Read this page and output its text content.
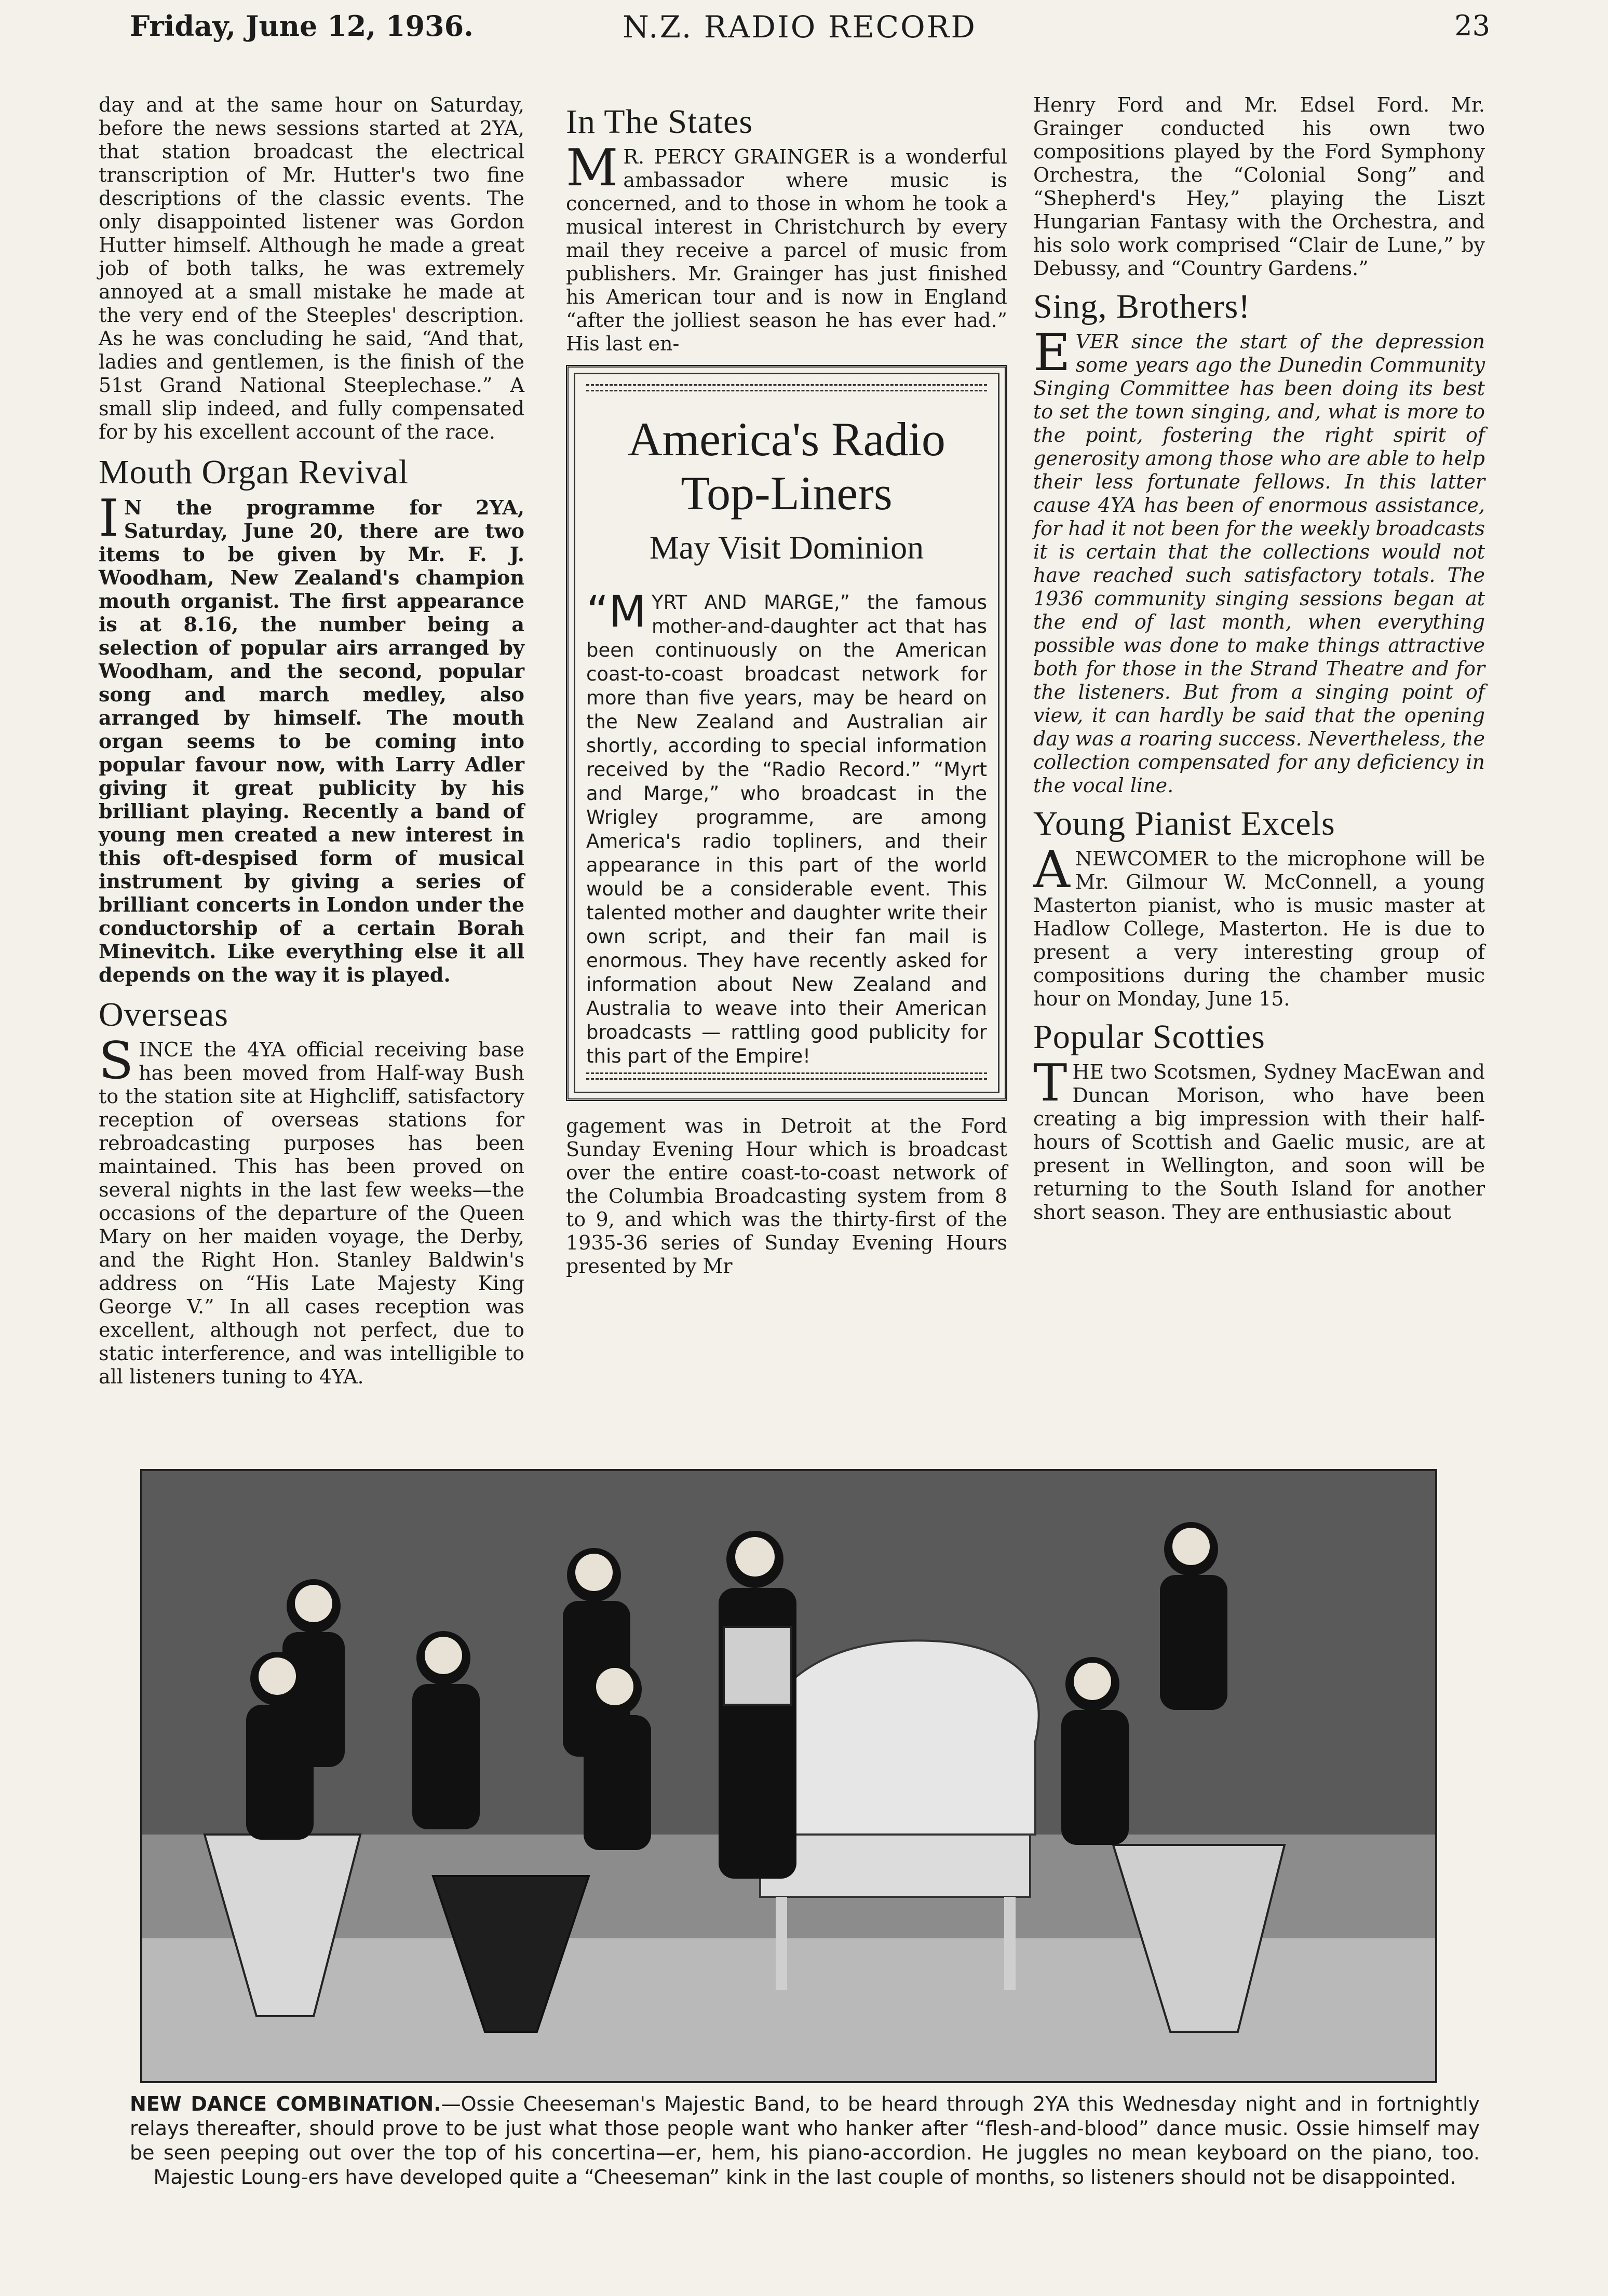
Friday, June 12, 1936.	N.Z. RADIO RECORD	23

day and at the same hour on Saturday, before the news sessions started at 2YA, that station broadcast the electrical transcription of Mr. Hutter's two fine descriptions of the classic events. The only disappointed listener was Gordon Hutter himself. Although he made a great job of both talks, he was extremely annoyed at a small mistake he made at the very end of the Steeples' description. As he was concluding he said, “And that, ladies and gentlemen, is the finish of the 51st Grand National Steeplechase.” A small slip indeed, and fully compensated for by his excellent account of the race.

Mouth Organ Revival
I N the programme for 2YA, Saturday, June 20, there are two items to be given by Mr. F. J. Woodham, New Zealand's champion mouth organist. The first appearance is at 8.16, the number being a selection of popular airs arranged by Woodham, and the second, popular song and march medley, also arranged by himself. The mouth organ seems to be coming into popular favour now, with Larry Adler giving it great publicity by his brilliant playing. Recently a band of young men created a new interest in this oft-despised form of musical instrument by giving a series of brilliant concerts in London under the conductorship of a certain Borah Minevitch. Like everything else it all depends on the way it is played.

Overseas
S INCE the 4YA official receiving base has been moved from Half-way Bush to the station site at Highcliff, satisfactory reception of overseas stations for rebroadcasting purposes has been maintained. This has been proved on several nights in the last few weeks—the occasions of the departure of the Queen Mary on her maiden voyage, the Derby, and the Right Hon. Stanley Baldwin's address on “His Late Majesty King George V.” In all cases reception was excellent, although not perfect, due to static interference, and was intelligible to all listeners tuning to 4YA.

In The States
M R. PERCY GRAINGER is a wonderful ambassador where music is concerned, and to those in whom he took a musical interest in Christchurch by every mail they receive a parcel of music from publishers. Mr. Grainger has just finished his American tour and is now in England “after the jolliest season he has ever had.” His last en-

America's Radio Top-Liners
May Visit Dominion
“M YRT AND MARGE,” the famous mother-and-daughter act that has been continuously on the American coast-to-coast broadcast network for more than five years, may be heard on the New Zealand and Australian air shortly, according to special information received by the “Radio Record.” “Myrt and Marge,” who broadcast in the Wrigley programme, are among America's radio topliners, and their appearance in this part of the world would be a considerable event. This talented mother and daughter write their own script, and their fan mail is enormous. They have recently asked for information about New Zealand and Australia to weave into their American broadcasts — rattling good publicity for this part of the Empire!

gagement was in Detroit at the Ford Sunday Evening Hour which is broadcast over the entire coast-to-coast network of the Columbia Broadcasting system from 8 to 9, and which was the thirty-first of the 1935-36 series of Sunday Evening Hours presented by Mr

Henry Ford and Mr. Edsel Ford. Mr. Grainger conducted his own two compositions played by the Ford Symphony Orchestra, the “Colonial Song” and “Shepherd's Hey,” playing the Liszt Hungarian Fantasy with the Orchestra, and his solo work comprised “Clair de Lune,” by Debussy, and “Country Gardens.”

Sing, Brothers!
E VER since the start of the depression some years ago the Dunedin Community Singing Committee has been doing its best to set the town singing, and, what is more to the point, fostering the right spirit of generosity among those who are able to help their less fortunate fellows. In this latter cause 4YA has been of enormous assistance, for had it not been for the weekly broadcasts it is certain that the collections would not have reached such satisfactory totals. The 1936 community singing sessions began at the end of last month, when everything possible was done to make things attractive both for those in the Strand Theatre and for the listeners. But from a singing point of view, it can hardly be said that the opening day was a roaring success. Nevertheless, the collection compensated for any deficiency in the vocal line.

Young Pianist Excels
A NEWCOMER to the microphone will be Mr. Gilmour W. McConnell, a young Masterton pianist, who is music master at Hadlow College, Masterton. He is due to present a very interesting group of compositions during the chamber music hour on Monday, June 15.

Popular Scotties
T HE two Scotsmen, Sydney MacEwan and Duncan Morison, who have been creating a big impression with their half-hours of Scottish and Gaelic music, are at present in Wellington, and soon will be returning to the South Island for another short season. They are enthusiastic about

NEW DANCE COMBINATION.—Ossie Cheeseman's Majestic Band, to be heard through 2YA this Wednesday night and in fortnightly relays thereafter, should prove to be just what those people want who hanker after “flesh-and-blood” dance music. Ossie himself may be seen peeping out over the top of his concertina—er, hem, his piano-accordion. He juggles no mean keyboard on the piano, too. Majestic Loung-ers have developed quite a “Cheeseman” kink in the last couple of months, so listeners should not be disappointed.
